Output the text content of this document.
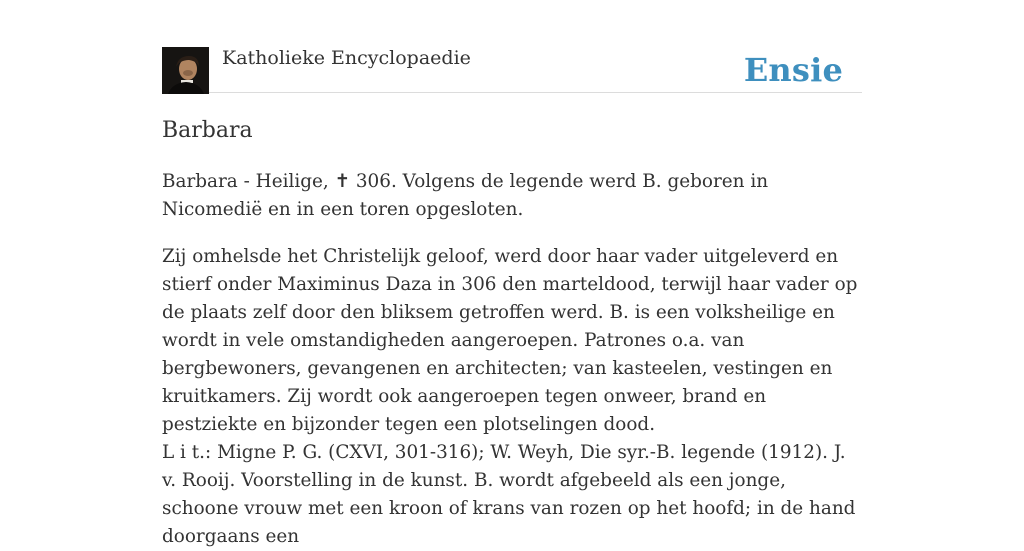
Katholieke Encyclopaedie	Ensie
Barbara

Barbara - Heilige, ✝ 306. Volgens de legende werd B. geboren in Nicomedië en in een toren opgesloten.

Zij omhelsde het Christelijk geloof, werd door haar vader uitgeleverd en stierf onder Maximinus Daza in 306 den marteldood, terwijl haar vader op de plaats zelf door den bliksem getroffen werd. B. is een volksheilige en wordt in vele omstandigheden aangeroepen. Patrones o.a. van bergbewoners, gevangenen en architecten; van kasteelen, vestingen en kruitkamers. Zij wordt ook aangeroepen tegen onweer, brand en pestziekte en bijzonder tegen een plotselingen dood.

L i t.: Migne P. G. (CXVI, 301-316); W. Weyh, Die syr.-B. legende (1912). J. v. Rooij. Voorstelling in de kunst. B. wordt afgebeeld als een jonge, schoone vrouw met een kroon of krans van rozen op het hoofd; in de hand doorgaans een
